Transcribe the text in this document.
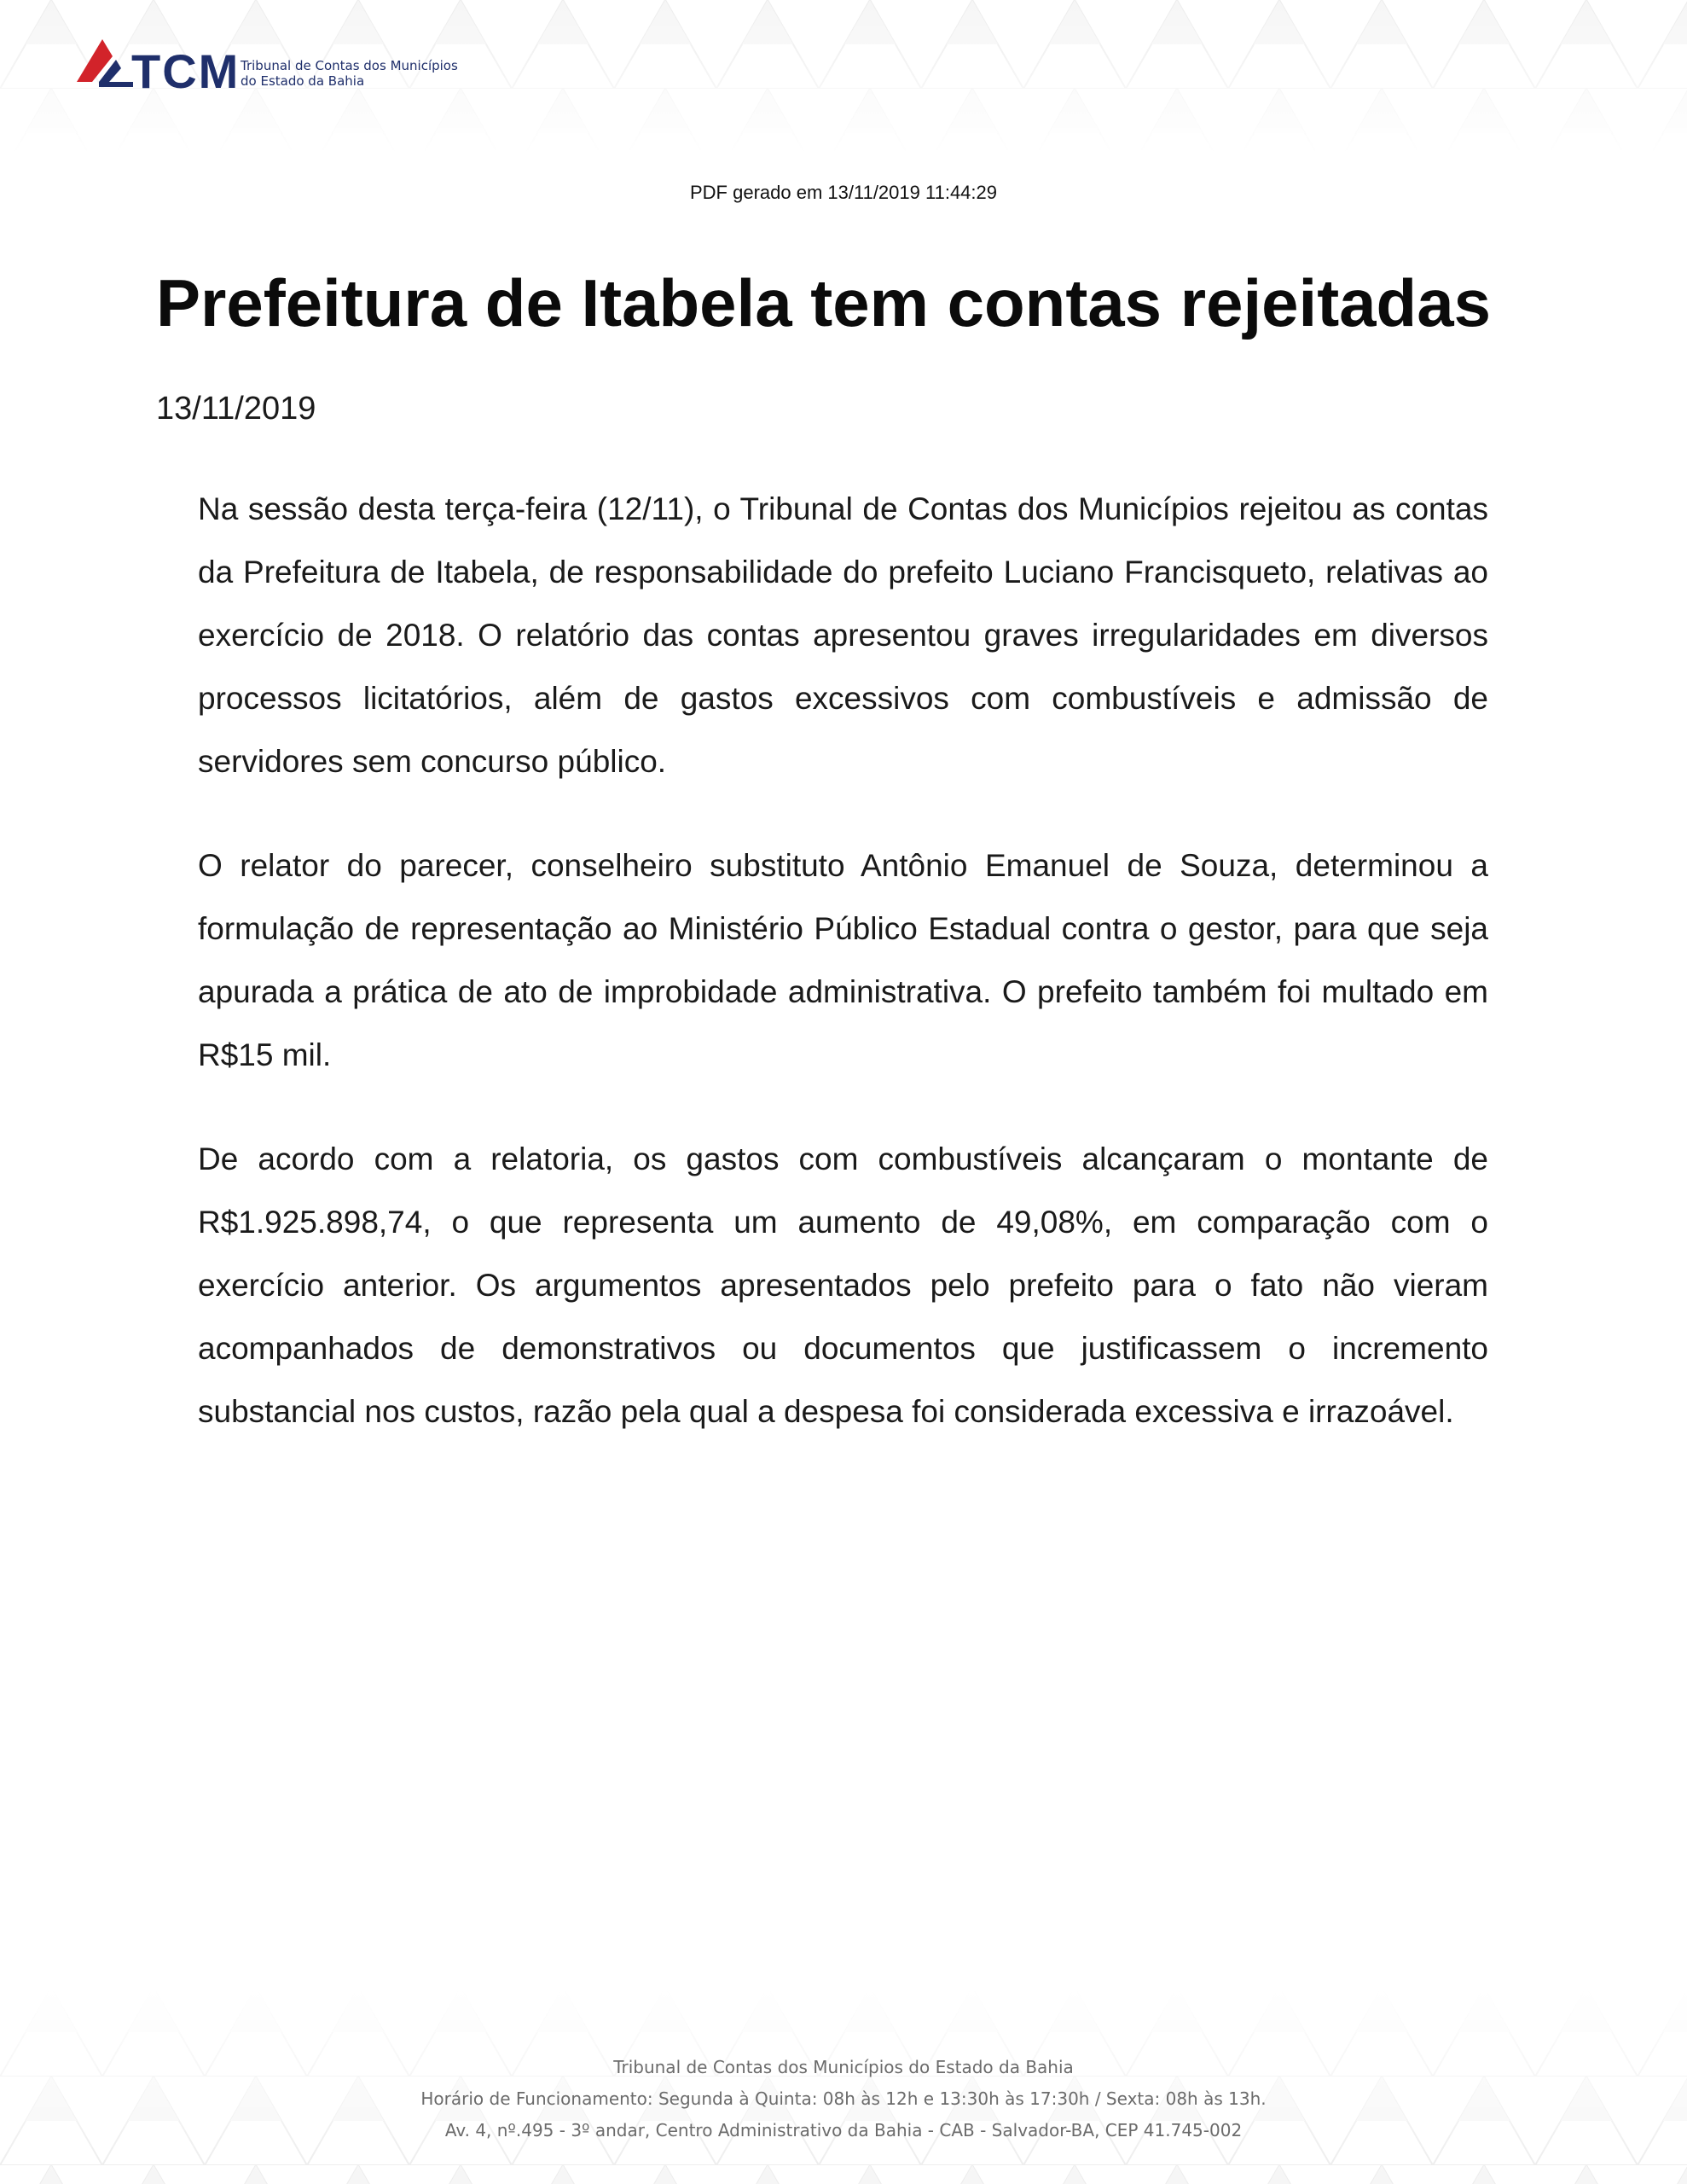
TCM Tribunal de Contas dos Municípios
do Estado da Bahia
PDF gerado em 13/11/2019 11:44:29
Prefeitura de Itabela tem contas rejeitadas
13/11/2019

Na sessão desta terça-feira (12/11), o Tribunal de Contas dos Municípios rejeitou as contas da Prefeitura de Itabela, de responsabilidade do prefeito Luciano Francisqueto, relativas ao exercício de 2018. O relatório das contas apresentou graves irregularidades em diversos processos licitatórios, além de gastos excessivos com combustíveis e admissão de servidores sem concurso público.

O relator do parecer, conselheiro substituto Antônio Emanuel de Souza, determinou a formulação de representação ao Ministério Público Estadual contra o gestor, para que seja apurada a prática de ato de improbidade administrativa. O prefeito também foi multado em R$15 mil.

De acordo com a relatoria, os gastos com combustíveis alcançaram o montante de R$1.925.898,74, o que representa um aumento de 49,08%, em comparação com o exercício anterior. Os argumentos apresentados pelo prefeito para o fato não vieram acompanhados de demonstrativos ou documentos que justificassem o incremento substancial nos custos, razão pela qual a despesa foi considerada excessiva e irrazoável.

Tribunal de Contas dos Municípios do Estado da Bahia
Horário de Funcionamento: Segunda à Quinta: 08h às 12h e 13:30h às 17:30h / Sexta: 08h às 13h.
Av. 4, nº.495 - 3º andar, Centro Administrativo da Bahia - CAB - Salvador-BA, CEP 41.745-002
